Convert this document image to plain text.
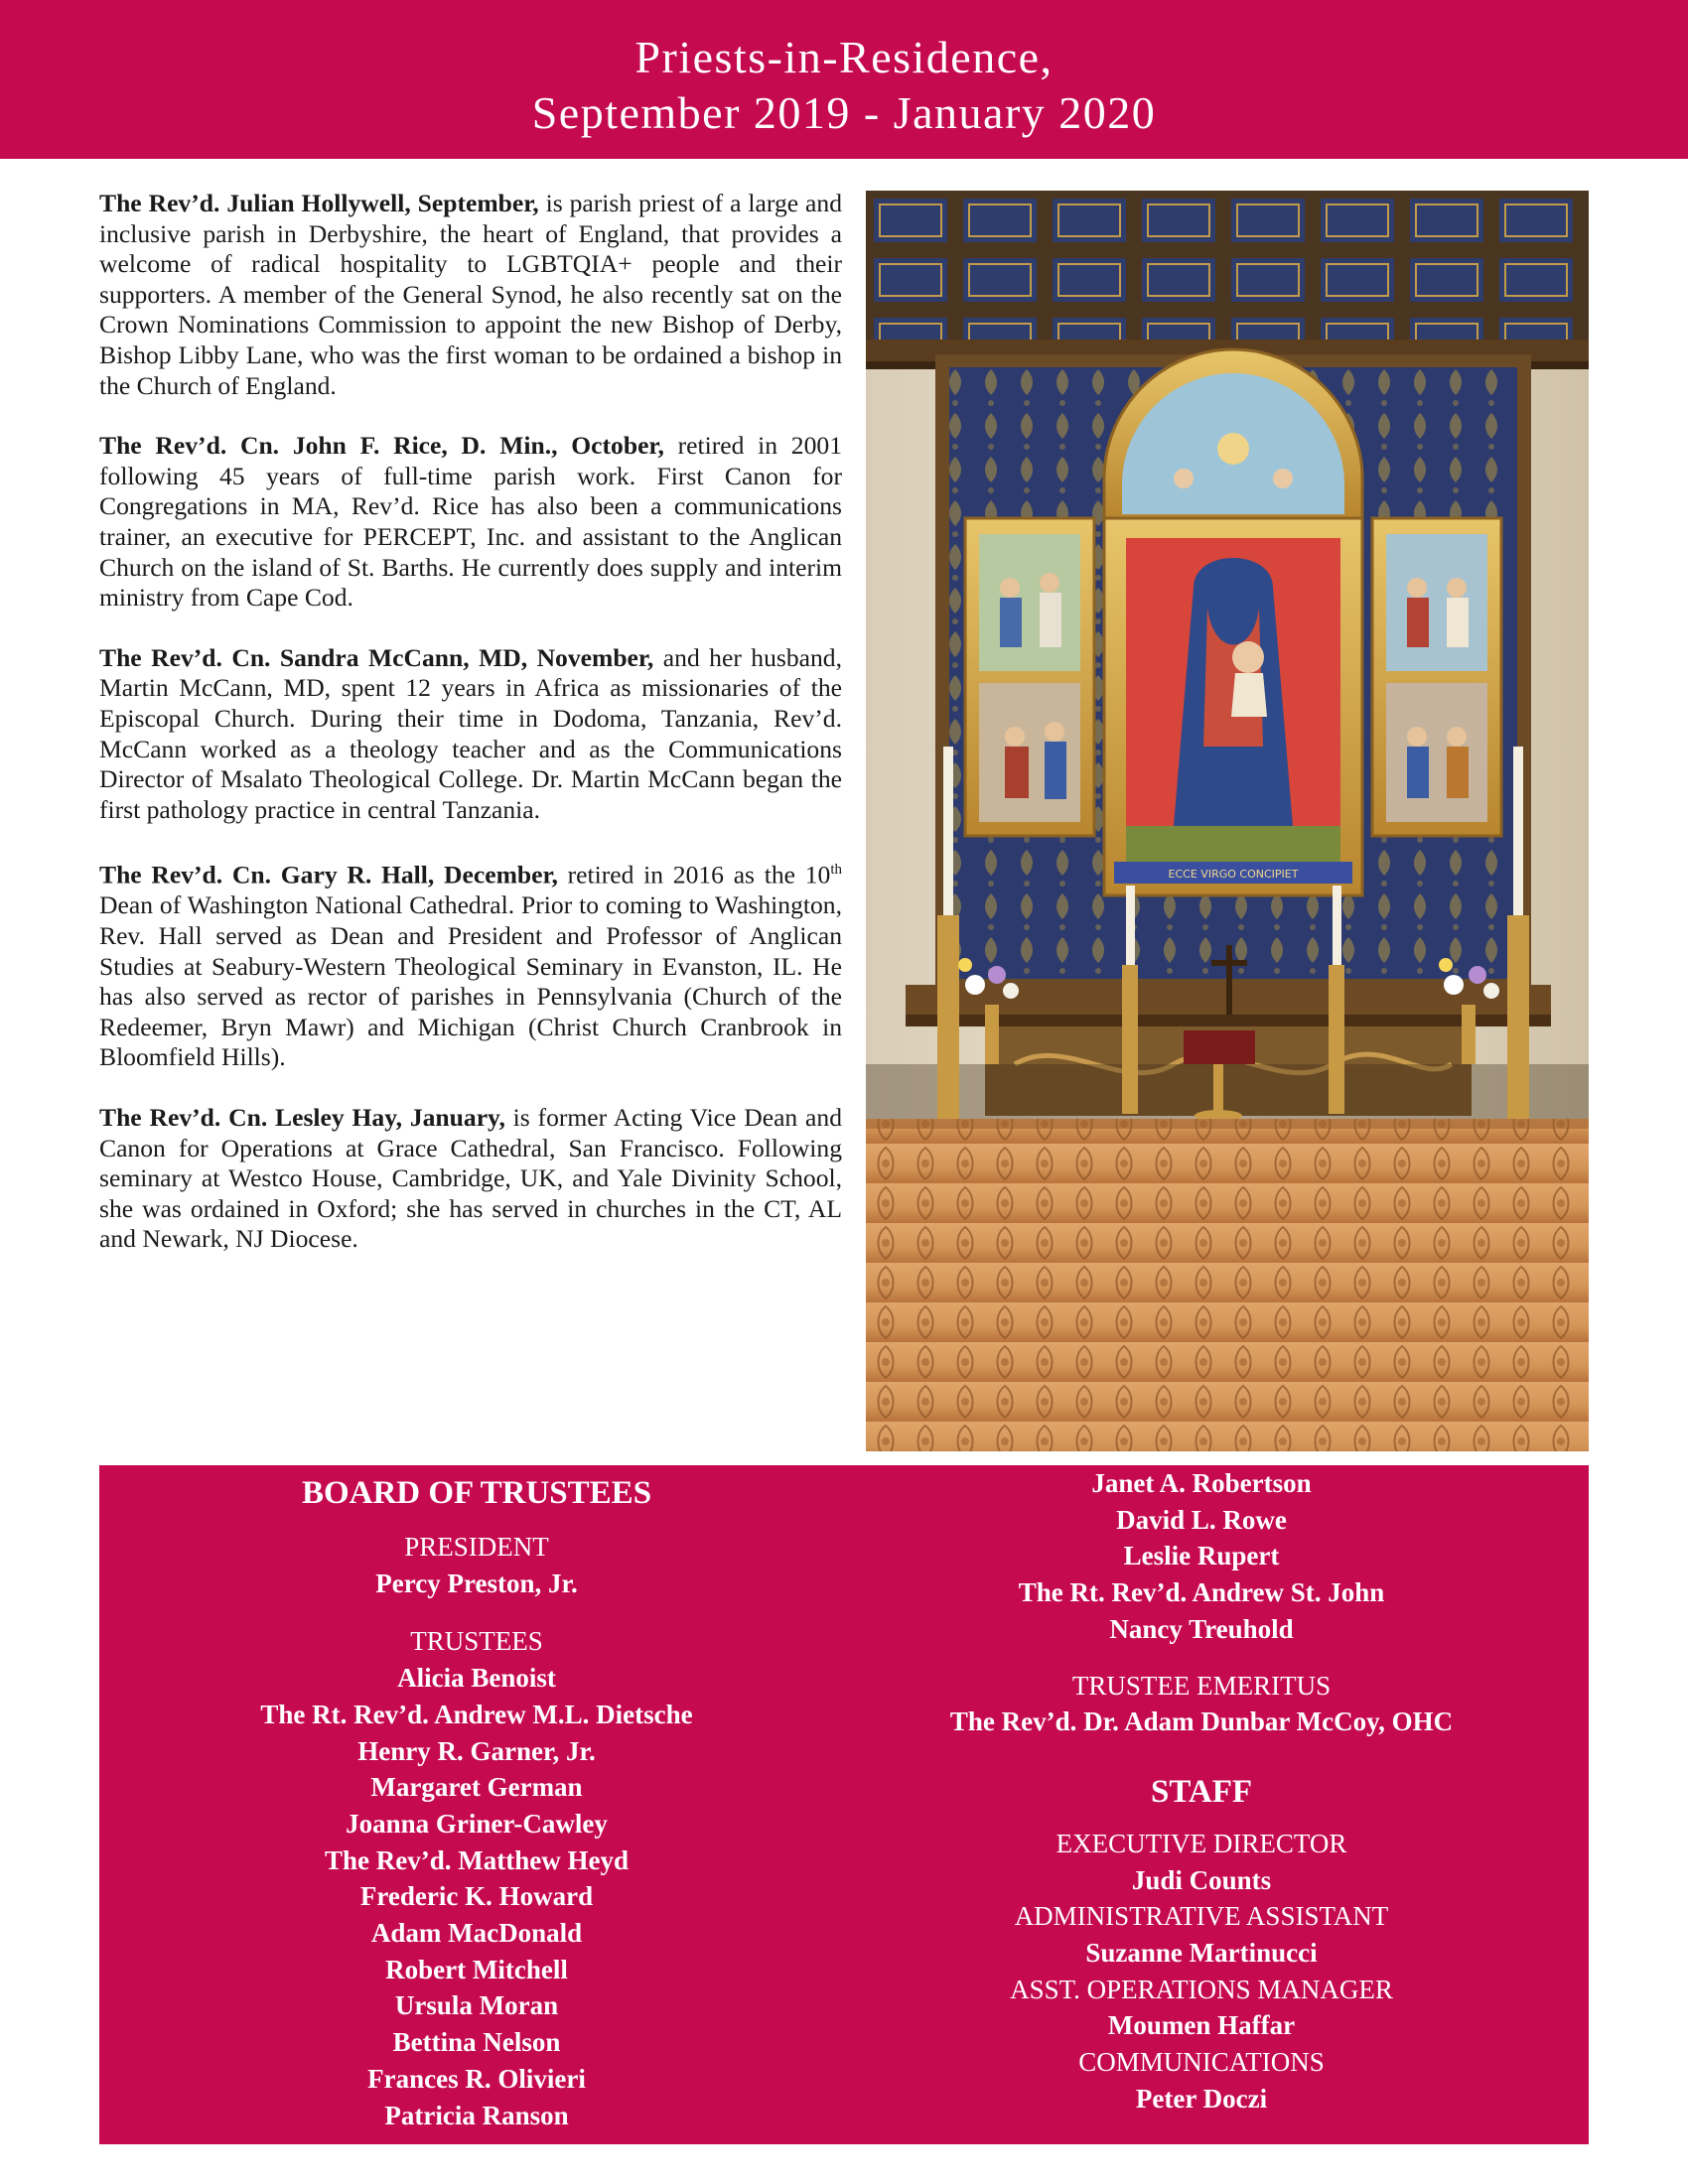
Priests-in-Residence,
September 2019 - January 2020

The Rev’d. Julian Hollywell, September, is parish priest of a large and inclusive parish in Derbyshire, the heart of England, that provides a welcome of radical hospitality to LGBTQIA+ people and their supporters. A member of the General Synod, he also recently sat on the Crown Nominations Commission to appoint the new Bishop of Derby, Bishop Libby Lane, who was the first woman to be ordained a bishop in the Church of England.

The Rev’d. Cn. John F. Rice, D. Min., October, retired in 2001 following 45 years of full-time parish work. First Canon for Congregations in MA, Rev’d. Rice has also been a communications trainer, an executive for PERCEPT, Inc. and assistant to the Anglican Church on the island of St. Barths. He currently does supply and interim ministry from Cape Cod.

The Rev’d. Cn. Sandra McCann, MD, November, and her husband, Martin McCann, MD, spent 12 years in Africa as missionaries of the Episcopal Church. During their time in Dodoma, Tanzania, Rev’d. McCann worked as a theology teacher and as the Communications Director of Msalato Theological College. Dr. Martin McCann began the first pathology practice in central Tanzania.

The Rev’d. Cn. Gary R. Hall, December, retired in 2016 as the 10th Dean of Washington National Cathedral. Prior to coming to Washington, Rev. Hall served as Dean and President and Professor of Anglican Studies at Seabury-Western Theological Seminary in Evanston, IL. He has also served as rector of parishes in Pennsylvania (Church of the Redeemer, Bryn Mawr) and Michigan (Christ Church Cranbrook in Bloomfield Hills).

The Rev’d. Cn. Lesley Hay, January, is former Acting Vice Dean and Canon for Operations at Grace Cathedral, San Francisco. Following seminary at Westco House, Cambridge, UK, and Yale Divinity School, she was ordained in Oxford; she has served in churches in the CT, AL and Newark, NJ Diocese.

ECCE VIRGO CONCIPIET
BOARD OF TRUSTEES
PRESIDENT
Percy Preston, Jr.
TRUSTEES
Alicia Benoist
The Rt. Rev’d. Andrew M.L. Dietsche
Henry R. Garner, Jr.
Margaret German
Joanna Griner-Cawley
The Rev’d. Matthew Heyd
Frederic K. Howard
Adam MacDonald
Robert Mitchell
Ursula Moran
Bettina Nelson
Frances R. Olivieri
Patricia Ranson
Janet A. Robertson
David L. Rowe
Leslie Rupert
The Rt. Rev’d. Andrew St. John
Nancy Treuhold
TRUSTEE EMERITUS
The Rev’d. Dr. Adam Dunbar McCoy, OHC
STAFF
EXECUTIVE DIRECTOR
Judi Counts
ADMINISTRATIVE ASSISTANT
Suzanne Martinucci
ASST. OPERATIONS MANAGER
Moumen Haffar
COMMUNICATIONS
Peter Doczi
